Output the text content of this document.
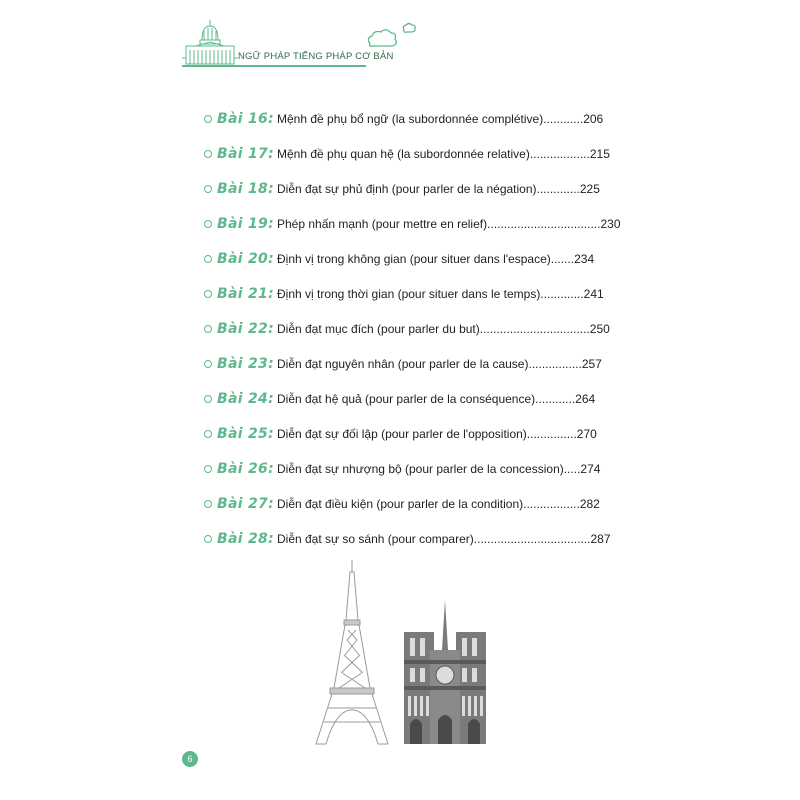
NGỮ PHÁP TIẾNG PHÁP CƠ BẢN
Bài 16: Mệnh đề phụ bổ ngữ (la subordonnée complétive) ............ 206
Bài 17: Mệnh đề phụ quan hệ (la subordonnée relative) .................. 215
Bài 18: Diễn đạt sự phủ định (pour parler de la négation) ............. 225
Bài 19: Phép nhấn mạnh (pour mettre en relief) .................................. 230
Bài 20: Định vị trong không gian (pour situer dans l'espace) ....... 234
Bài 21: Định vị trong thời gian (pour situer dans le temps) ............. 241
Bài 22: Diễn đạt mục đích (pour parler du but) ................................. 250
Bài 23: Diễn đạt nguyên nhân (pour parler de la cause) ................ 257
Bài 24: Diễn đạt hệ quả (pour parler de la conséquence) ............ 264
Bài 25: Diễn đạt sự đối lập (pour parler de l'opposition) ............... 270
Bài 26: Diễn đạt sự nhượng bộ (pour parler de la concession) ..... 274
Bài 27: Diễn đạt điều kiện (pour parler de la condition) ................. 282
Bài 28: Diễn đạt sự so sánh (pour comparer) ................................... 287
6
